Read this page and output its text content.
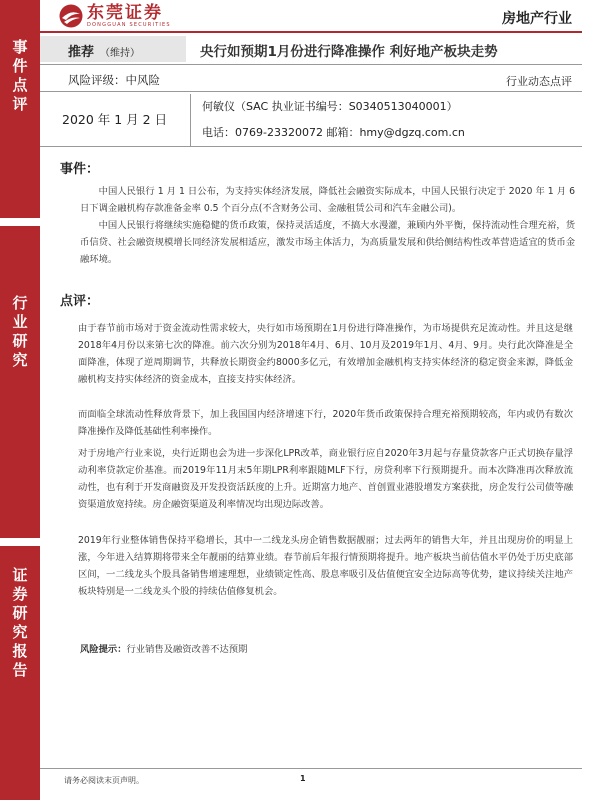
事
件
点
评
行
业
研
究
证
券
研
究
报
告
东莞证券
DONGGUAN SECURITIES	房地产行业
推荐 （维持）	央行如预期1月份进行降准操作 利好地产板块走势
风险评级：中风险	行业动态点评
2020 年 1 月 2 日
何敏仪（SAC 执业证书编号：S0340513040001）
电话：0769-23320072 邮箱：hmy@dgzq.com.cn
事件：

中国人民银行 1 月 1 日公布，为支持实体经济发展，降低社会融资实际成本，中国人民银行决定于 2020 年 1 月 6 日下调金融机构存款准备金率 0.5 个百分点(不含财务公司、金融租赁公司和汽车金融公司)。

中国人民银行将继续实施稳健的货币政策，保持灵活适度，不搞大水漫灌，兼顾内外平衡，保持流动性合理充裕，货币信贷、社会融资规模增长同经济发展相适应，激发市场主体活力，为高质量发展和供给侧结构性改革营造适宜的货币金融环境。

点评：

由于春节前市场对于资金流动性需求较大，央行如市场预期在1月份进行降准操作，为市场提供充足流动性。并且这是继2018年4月份以来第七次的降准。前六次分别为2018年4月、6月、10月及2019年1月、4月、9月。央行此次降准是全面降准，体现了逆周期调节，共释放长期资金约8000多亿元，有效增加金融机构支持实体经济的稳定资金来源，降低金融机构支持实体经济的资金成本，直接支持实体经济。

而面临全球流动性释放背景下，加上我国国内经济增速下行，2020年货币政策保持合理充裕预期较高，年内或仍有数次降准操作及降低基础性利率操作。

对于房地产行业来说，央行近期也会为进一步深化LPR改革，商业银行应自2020年3月起与存量贷款客户正式切换存量浮动利率贷款定价基准。而2019年11月末5年期LPR利率跟随MLF下行，房贷利率下行预期提升。而本次降准再次释放流动性，也有利于开发商融资及开发投资活跃度的上升。近期富力地产、首创置业港股增发方案获批，房企发行公司债等融资渠道放宽持续。房企融资渠道及利率情况均出现边际改善。

2019年行业整体销售保持平稳增长，其中一二线龙头房企销售数据靓丽；过去两年的销售大年，并且出现房价的明显上涨，今年进入结算期将带来全年靓丽的结算业绩。春节前后年报行情预期将提升。地产板块当前估值水平仍处于历史底部区间，一二线龙头个股具备销售增速理想，业绩锁定性高、股息率吸引及估值便宜安全边际高等优势，建议持续关注地产板块特别是一二线龙头个股的持续估值修复机会。

风险提示：行业销售及融资改善不达预期
请务必阅读末页声明。	1
